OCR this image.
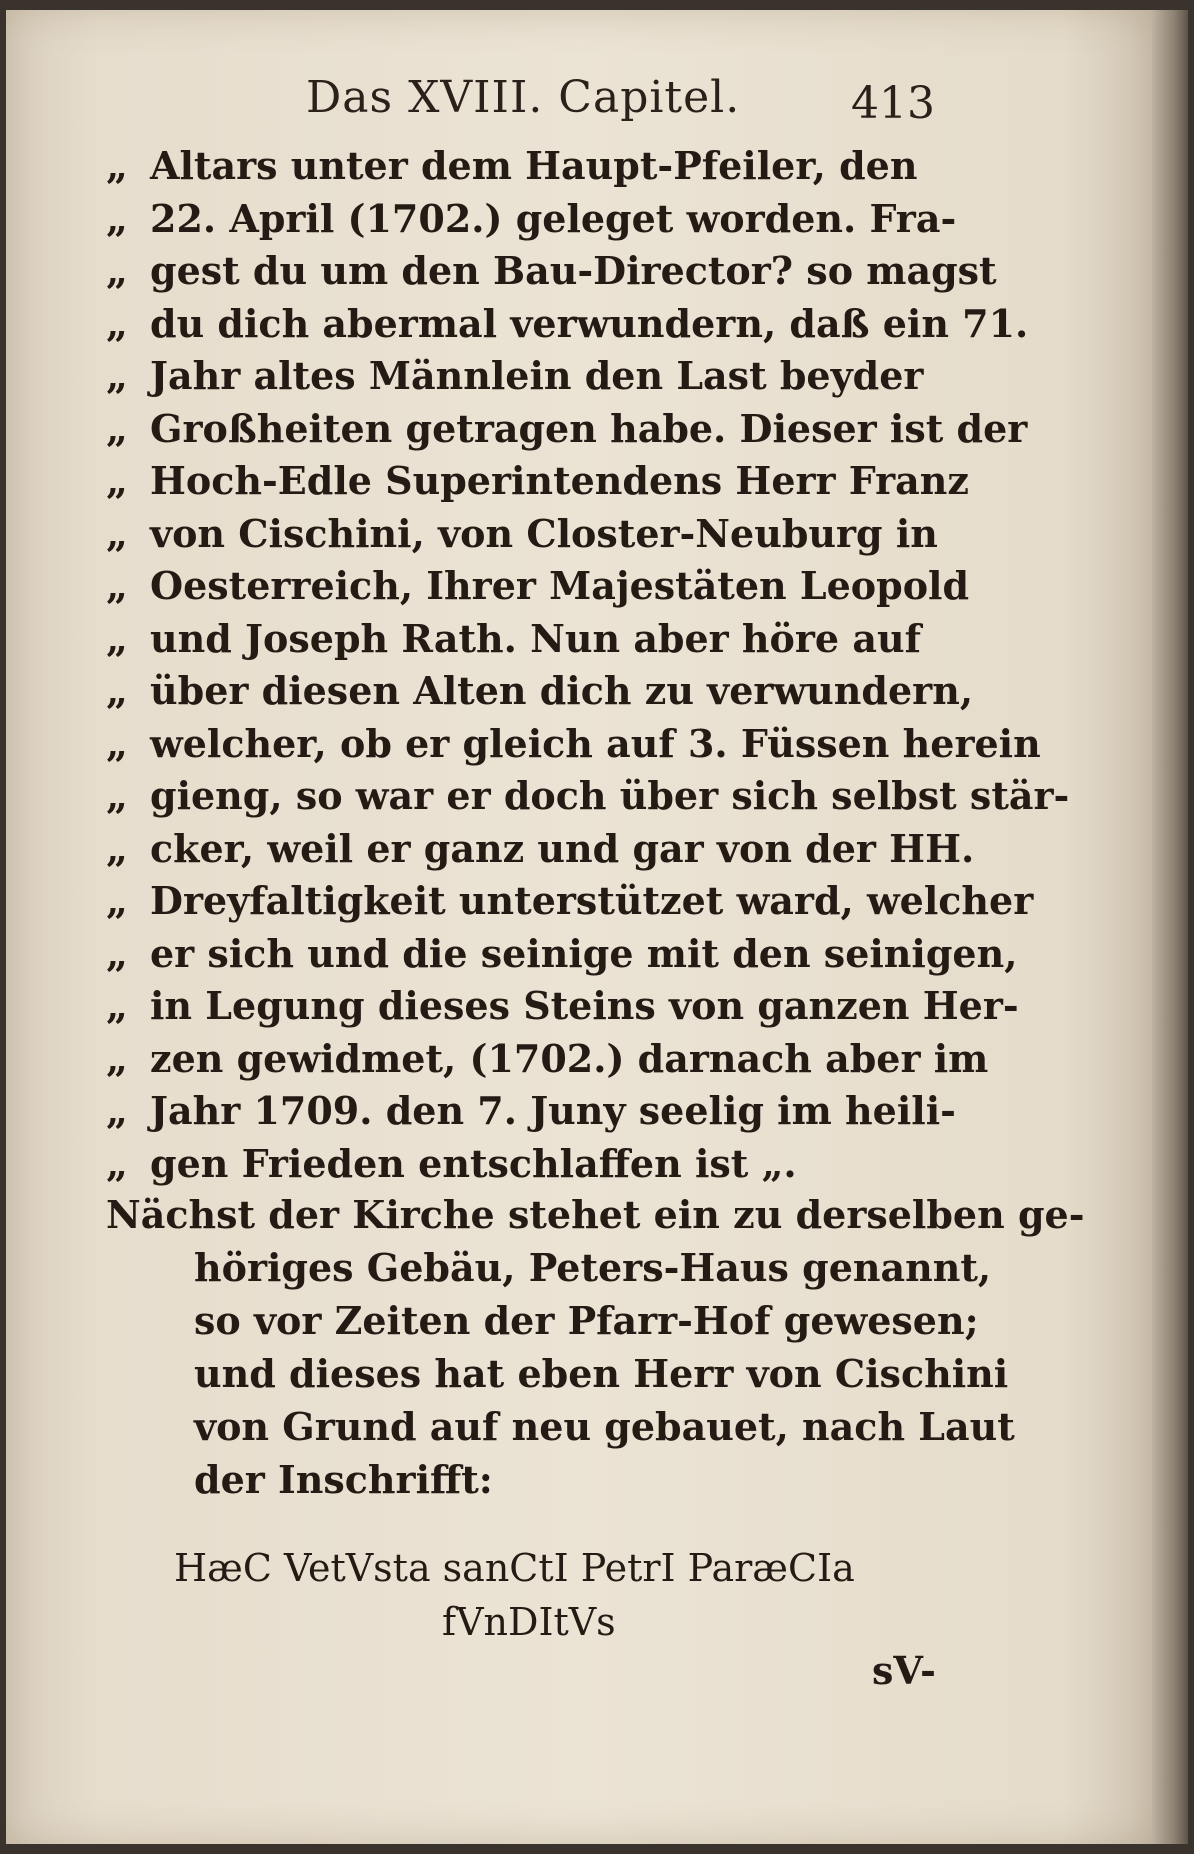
Das XVIII. Capitel.	413
„ Altars unter dem Haupt-Pfeiler, den
„ 22. April (1702.) geleget worden. Fra-
„ gest du um den Bau-Director? so magst
„ du dich abermal verwundern, daß ein 71.
„ Jahr altes Männlein den Last beyder
„ Großheiten getragen habe. Dieser ist der
„ Hoch-Edle Superintendens Herr Franz
„ von Cischini, von Closter-Neuburg in
„ Oesterreich, Ihrer Majestäten Leopold
„ und Joseph Rath. Nun aber höre auf
„ über diesen Alten dich zu verwundern,
„ welcher, ob er gleich auf 3. Füssen herein
„ gieng, so war er doch über sich selbst stär-
„ cker, weil er ganz und gar von der HH.
„ Dreyfaltigkeit unterstützet ward, welcher
„ er sich und die seinige mit den seinigen,
„ in Legung dieses Steins von ganzen Her-
„ zen gewidmet, (1702.) darnach aber im
„ Jahr 1709. den 7. Juny seelig im heili-
„ gen Frieden entschlaffen ist „.
Nächst der Kirche stehet ein zu derselben ge-
höriges Gebäu, Peters-Haus genannt,
so vor Zeiten der Pfarr-Hof gewesen;
und dieses hat eben Herr von Cischini
von Grund auf neu gebauet, nach Laut
der Inschrifft:
HæC VetVsta sanCtI PetrI ParæCIa
fVnDItVs
sV-
